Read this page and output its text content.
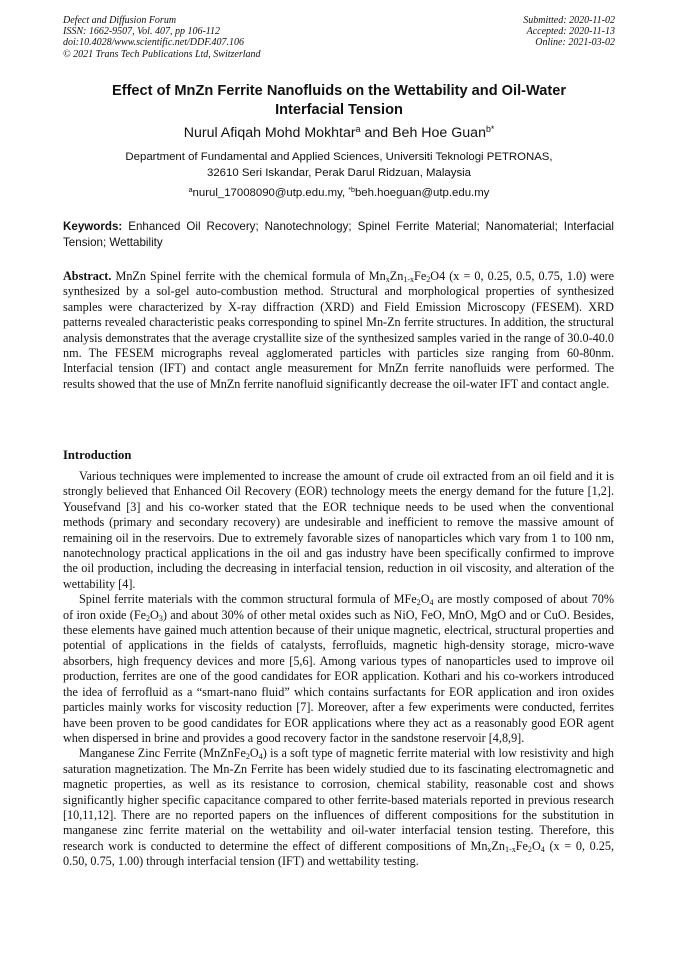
Defect and Diffusion Forum
ISSN: 1662-9507, Vol. 407, pp 106-112
doi:10.4028/www.scientific.net/DDF.407.106
© 2021 Trans Tech Publications Ltd, Switzerland
Submitted: 2020-11-02
Accepted: 2020-11-13
Online: 2021-03-02
Effect of MnZn Ferrite Nanofluids on the Wettability and Oil-Water
Interfacial Tension
Nurul Afiqah Mohd Mokhtar$^a$ and Beh Hoe Guan$^{b*}$
Department of Fundamental and Applied Sciences, Universiti Teknologi PETRONAS,
32610 Seri Iskandar, Perak Darul Ridzuan, Malaysia
$^a$nurul_17008090@utp.edu.my, $^{*b}$beh.hoeguan@utp.edu.my
Keywords: Enhanced Oil Recovery; Nanotechnology; Spinel Ferrite Material; Nanomaterial; Interfacial Tension; Wettability
Abstract. MnZn Spinel ferrite with the chemical formula of $Mn_xZn_{1-x}Fe_2O4$ (x = 0, 0.25, 0.5, 0.75, 1.0) were synthesized by a sol-gel auto-combustion method. Structural and morphological properties of synthesized samples were characterized by X-ray diffraction (XRD) and Field Emission Microscopy (FESEM). XRD patterns revealed characteristic peaks corresponding to spinel Mn-Zn ferrite structures. In addition, the structural analysis demonstrates that the average crystallite size of the synthesized samples varied in the range of 30.0-40.0 nm. The FESEM micrographs reveal agglomerated particles with particles size ranging from 60-80nm. Interfacial tension (IFT) and contact angle measurement for MnZn ferrite nanofluids were performed. The results showed that the use of MnZn ferrite nanofluid significantly decrease the oil-water IFT and contact angle.
Introduction

Various techniques were implemented to increase the amount of crude oil extracted from an oil field and it is strongly believed that Enhanced Oil Recovery (EOR) technology meets the energy demand for the future [1,2]. Yousefvand [3] and his co-worker stated that the EOR technique needs to be used when the conventional methods (primary and secondary recovery) are undesirable and inefficient to remove the massive amount of remaining oil in the reservoirs. Due to extremely favorable sizes of nanoparticles which vary from 1 to 100 nm, nanotechnology practical applications in the oil and gas industry have been specifically confirmed to improve the oil production, including the decreasing in interfacial tension, reduction in oil viscosity, and alteration of the wettability [4].

Spinel ferrite materials with the common structural formula of $MFe_2O_4$ are mostly composed of about 70% of iron oxide $(Fe_2O_3)$ and about 30% of other metal oxides such as NiO, FeO, MnO, MgO and or CuO. Besides, these elements have gained much attention because of their unique magnetic, electrical, structural properties and potential of applications in the fields of catalysts, ferrofluids, magnetic high-density storage, micro-wave absorbers, high frequency devices and more [5,6]. Among various types of nanoparticles used to improve oil production, ferrites are one of the good candidates for EOR application. Kothari and his co-workers introduced the idea of ferrofluid as a “smart-nano fluid” which contains surfactants for EOR application and iron oxides particles mainly works for viscosity reduction [7]. Moreover, after a few experiments were conducted, ferrites have been proven to be good candidates for EOR applications where they act as a reasonably good EOR agent when dispersed in brine and provides a good recovery factor in the sandstone reservoir [4,8,9].

Manganese Zinc Ferrite $(MnZnFe_2O_4)$ is a soft type of magnetic ferrite material with low resistivity and high saturation magnetization. The Mn-Zn Ferrite has been widely studied due to its fascinating electromagnetic and magnetic properties, as well as its resistance to corrosion, chemical stability, reasonable cost and shows significantly higher specific capacitance compared to other ferrite-based materials reported in previous research [10,11,12]. There are no reported papers on the influences of different compositions for the substitution in manganese zinc ferrite material on the wettability and oil-water interfacial tension testing. Therefore, this research work is conducted to determine the effect of different compositions of $Mn_xZn_{1-x}Fe_2O_4$ (x = 0, 0.25, 0.50, 0.75, 1.00) through interfacial tension (IFT) and wettability testing.
